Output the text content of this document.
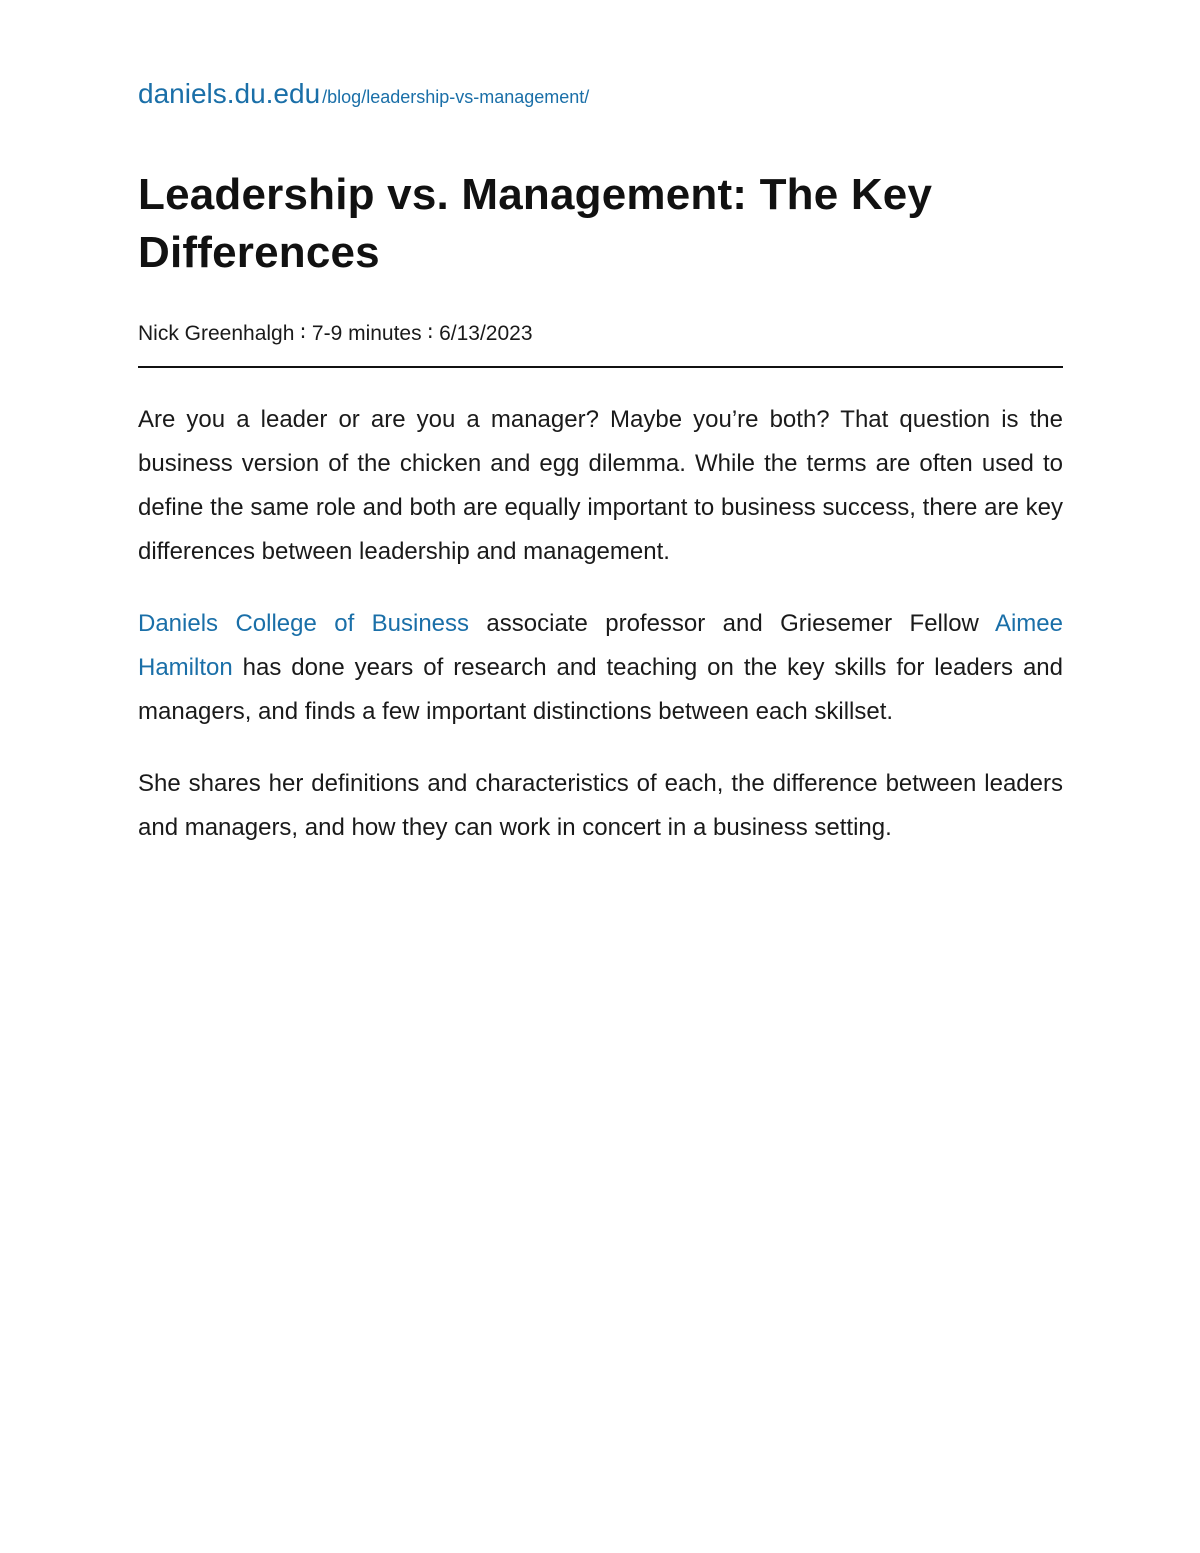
daniels.du.edu /blog/leadership-vs-management/
Leadership vs. Management: The Key Differences
Nick Greenhalgh ∶ 7-9 minutes ∶ 6/13/2023

Are you a leader or are you a manager? Maybe you’re both? That question is the business version of the chicken and egg dilemma. While the terms are often used to define the same role and both are equally important to business success, there are key differences between leadership and management.

Daniels College of Business associate professor and Griesemer Fellow Aimee Hamilton has done years of research and teaching on the key skills for leaders and managers, and finds a few important distinctions between each skillset.

She shares her definitions and characteristics of each, the difference between leaders and managers, and how they can work in concert in a business setting.
